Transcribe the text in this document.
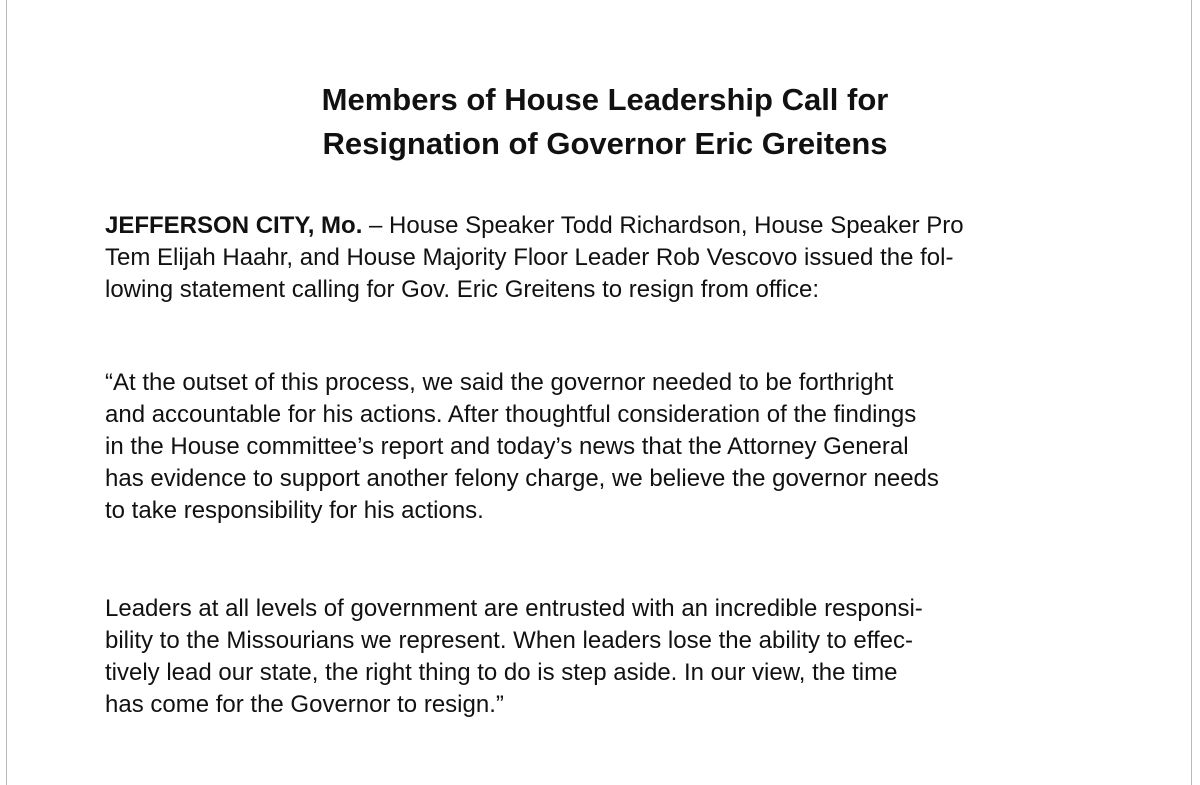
Members of House Leadership Call for
Resignation of Governor Eric Greitens
JEFFERSON CITY, Mo. – House Speaker Todd Richardson, House Speaker Pro
Tem Elijah Haahr, and House Majority Floor Leader Rob Vescovo issued the fol-
lowing statement calling for Gov. Eric Greitens to resign from office:
“At the outset of this process, we said the governor needed to be forthright
and accountable for his actions. After thoughtful consideration of the findings
in the House committee’s report and today’s news that the Attorney General
has evidence to support another felony charge, we believe the governor needs
to take responsibility for his actions.
Leaders at all levels of government are entrusted with an incredible responsi-
bility to the Missourians we represent. When leaders lose the ability to effec-
tively lead our state, the right thing to do is step aside. In our view, the time
has come for the Governor to resign.”
